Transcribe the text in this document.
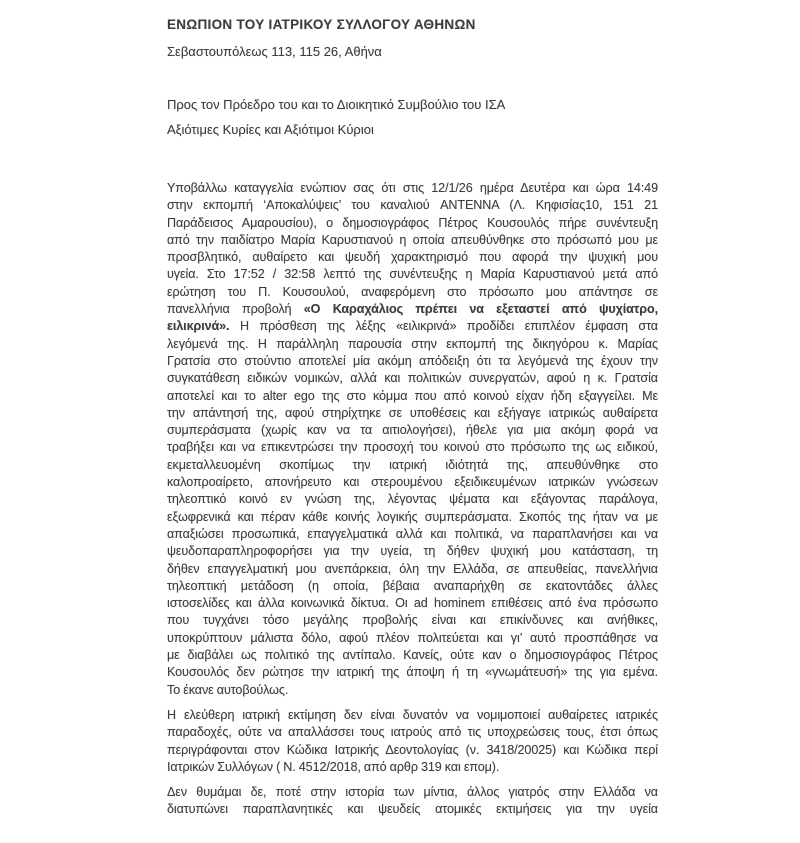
ΕΝΩΠΙΟΝ ΤΟΥ ΙΑΤΡΙΚΟΥ ΣΥΛΛΟΓΟΥ ΑΘΗΝΩΝ
Σεβαστουπόλεως 113, 115 26, Αθήνα
Προς τον Πρόεδρο του και το Διοικητικό Συμβούλιο του ΙΣΑ
Αξιότιμες Κυρίες και Αξιότιμοι Κύριοι
Υποβάλλω καταγγελία ενώπιον σας ότι στις 12/1/26 ημέρα Δευτέρα και ώρα 14:49
στην εκπομπή ‘Αποκαλύψεις’ του καναλιού ANTENNA (Λ. Κηφισίας10, 151 21
Παράδεισος Αμαρουσίου), ο δημοσιογράφος Πέτρος Κουσουλός πήρε συνέντευξη
από την παιδίατρο Μαρία Καρυστιανού η οποία απευθύνθηκε στο πρόσωπό μου με
προσβλητικό, αυθαίρετο και ψευδή χαρακτηρισμό που αφορά την ψυχική μου
υγεία. Στο 17:52 / 32:58 λεπτό της συνέντευξης η Μαρία Καρυστιανού μετά από
ερώτηση του Π. Κουσουλού, αναφερόμενη στο πρόσωπο μου απάντησε σε
πανελλήνια προβολή «Ο Καραχάλιος πρέπει να εξεταστεί από ψυχίατρο,
ειλικρινά». Η πρόσθεση της λέξης «ειλικρινά» προδίδει επιπλέον έμφαση στα
λεγόμενά της. Η παράλληλη παρουσία στην εκπομπή της δικηγόρου κ. Μαρίας
Γρατσία στο στούντιο αποτελεί μία ακόμη απόδειξη ότι τα λεγόμενά της έχουν την
συγκατάθεση ειδικών νομικών, αλλά και πολιτικών συνεργατών, αφού η κ. Γρατσία
αποτελεί και το alter ego της στο κόμμα που από κοινού είχαν ήδη εξαγγείλει. Με
την απάντησή της, αφού στηρίχτηκε σε υποθέσεις και εξήγαγε ιατρικώς αυθαίρετα
συμπεράσματα (χωρίς καν να τα αιτιολογήσει), ήθελε για μια ακόμη φορά να
τραβήξει και να επικεντρώσει την προσοχή του κοινού στο πρόσωπο της ως ειδικού,
εκμεταλλευομένη σκοπίμως την ιατρική ιδιότητά της, απευθύνθηκε στο
καλοπροαίρετο, απονήρευτο και στερουμένου εξειδικευμένων ιατρικών γνώσεων
τηλεοπτικό κοινό εν γνώση της, λέγοντας ψέματα και εξάγοντας παράλογα,
εξωφρενικά και πέραν κάθε κοινής λογικής συμπεράσματα. Σκοπός της ήταν να με
απαξιώσει προσωπικά, επαγγελματικά αλλά και πολιτικά, να παραπλανήσει και να
ψευδοπαραπληροφορήσει για την υγεία, τη δήθεν ψυχική μου κατάσταση, τη
δήθεν επαγγελματική μου ανεπάρκεια, όλη την Ελλάδα, σε απευθείας, πανελλήνια
τηλεοπτική μετάδοση (η οποία, βέβαια αναπαρήχθη σε εκατοντάδες άλλες
ιστοσελίδες και άλλα κοινωνικά δίκτυα. Οι ad hominem επιθέσεις από ένα πρόσωπο
που τυγχάνει τόσο μεγάλης προβολής είναι και επικίνδυνες και ανήθικες,
υποκρύπτουν μάλιστα δόλο, αφού πλέον πολιτεύεται και γι’ αυτό προσπάθησε να
με διαβάλει ως πολιτικό της αντίπαλο. Κανείς, ούτε καν ο δημοσιογράφος Πέτρος
Κουσουλός δεν ρώτησε την ιατρική της άποψη ή τη «γνωμάτευσή» της για εμένα.
Το έκανε αυτοβούλως.
Η ελεύθερη ιατρική εκτίμηση δεν είναι δυνατόν να νομιμοποιεί αυθαίρετες ιατρικές
παραδοχές, ούτε να απαλλάσσει τους ιατρούς από τις υποχρεώσεις τους, έτσι όπως
περιγράφονται στον Κώδικα Ιατρικής Δεοντολογίας (ν. 3418/20025) και Κώδικα περί
Ιατρικών Συλλόγων ( Ν. 4512/2018, από αρθρ 319 και επομ).
Δεν θυμάμαι δε, ποτέ στην ιστορία των μίντια, άλλος γιατρός στην Ελλάδα να
διατυπώνει παραπλανητικές και ψευδείς ατομικές εκτιμήσεις για την υγεία
